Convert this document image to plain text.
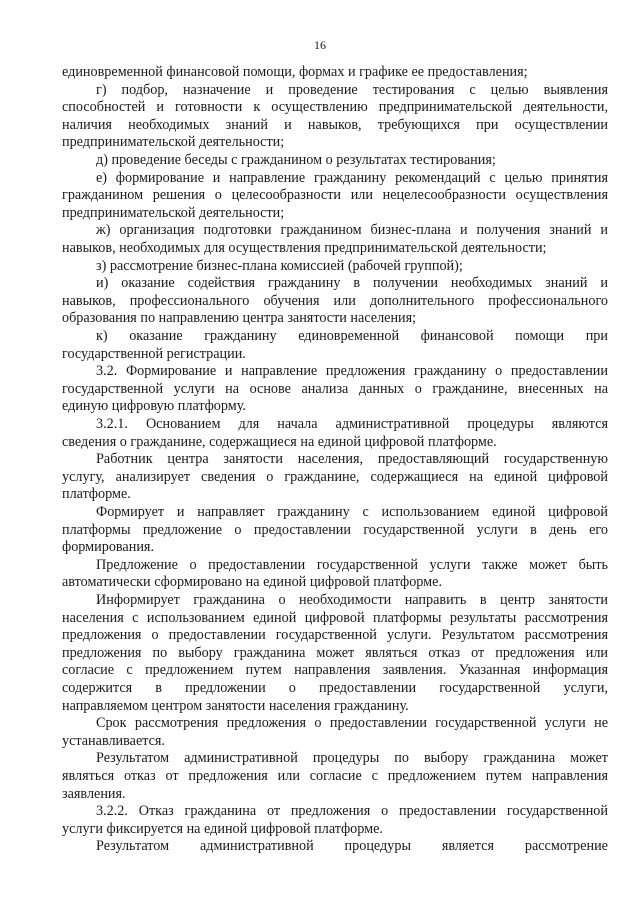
16
единовременной финансовой помощи, формах и графике ее предоставления;
г) подбор, назначение и проведение тестирования с целью выявления
способностей и готовности к осуществлению предпринимательской деятельности,
наличия необходимых знаний и навыков, требующихся при осуществлении
предпринимательской деятельности;
д) проведение беседы с гражданином о результатах тестирования;
е) формирование и направление гражданину рекомендаций с целью принятия
гражданином решения о целесообразности или нецелесообразности осуществления
предпринимательской деятельности;
ж) организация подготовки гражданином бизнес-плана и получения знаний и
навыков, необходимых для осуществления предпринимательской деятельности;
з) рассмотрение бизнес-плана комиссией (рабочей группой);
и) оказание содействия гражданину в получении необходимых знаний и
навыков, профессионального обучения или дополнительного профессионального
образования по направлению центра занятости населения;
к) оказание гражданину единовременной финансовой помощи при
государственной регистрации.
3.2. Формирование и направление предложения гражданину о предоставлении
государственной услуги на основе анализа данных о гражданине, внесенных на
единую цифровую платформу.
3.2.1. Основанием для начала административной процедуры являются
сведения о гражданине, содержащиеся на единой цифровой платформе.
Работник центра занятости населения, предоставляющий государственную
услугу, анализирует сведения о гражданине, содержащиеся на единой цифровой
платформе.
Формирует и направляет гражданину с использованием единой цифровой
платформы предложение о предоставлении государственной услуги в день его
формирования.
Предложение о предоставлении государственной услуги также может быть
автоматически сформировано на единой цифровой платформе.
Информирует гражданина о необходимости направить в центр занятости
населения с использованием единой цифровой платформы результаты рассмотрения
предложения о предоставлении государственной услуги. Результатом рассмотрения
предложения по выбору гражданина может являться отказ от предложения или
согласие с предложением путем направления заявления. Указанная информация
содержится в предложении о предоставлении государственной услуги,
направляемом центром занятости населения гражданину.
Срок рассмотрения предложения о предоставлении государственной услуги не
устанавливается.
Результатом административной процедуры по выбору гражданина может
являться отказ от предложения или согласие с предложением путем направления
заявления.
3.2.2. Отказ гражданина от предложения о предоставлении государственной
услуги фиксируется на единой цифровой платформе.
Результатом административной процедуры является рассмотрение
